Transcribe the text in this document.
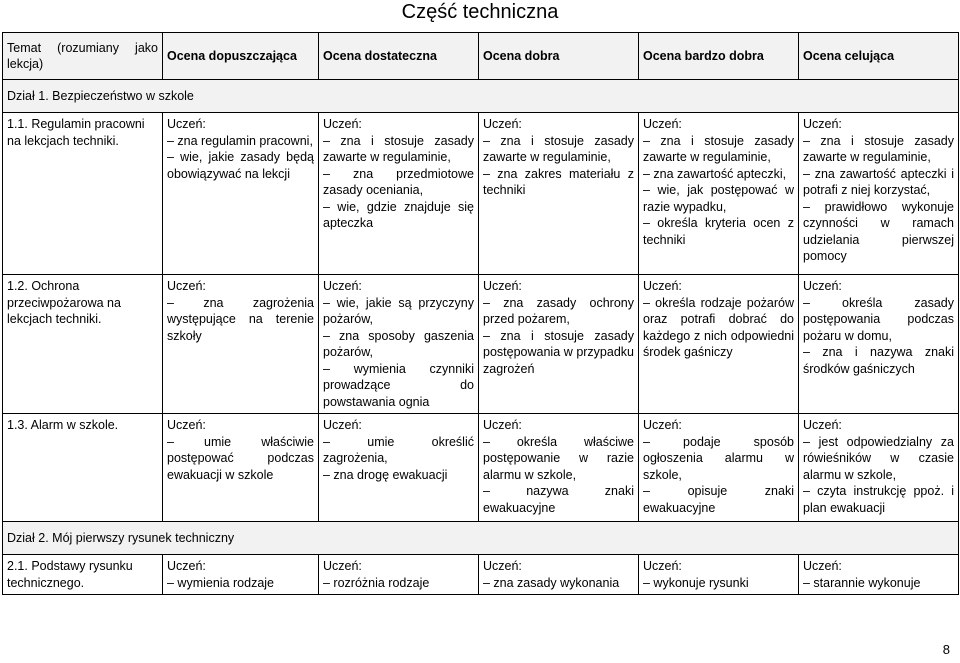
Część techniczna
Temat (rozumiany jako lekcja)	Ocena dopuszczająca	Ocena dostateczna	Ocena dobra	Ocena bardzo dobra	Ocena celująca
Dział 1. Bezpieczeństwo w szkole					
1.1. Regulamin pracowni na lekcjach techniki.	Uczeń:
– zna regulamin pracowni,
– wie, jakie zasady będą obowiązywać na lekcji	Uczeń:
– zna i stosuje zasady zawarte w regulaminie,
– zna przedmiotowe zasady oceniania,
– wie, gdzie znajduje się apteczka	Uczeń:
– zna i stosuje zasady zawarte w regulaminie,
– zna zakres materiału z techniki	Uczeń:
– zna i stosuje zasady zawarte w regulaminie,
– zna zawartość apteczki,
– wie, jak postępować w razie wypadku,
– określa kryteria ocen z techniki	Uczeń:
– zna i stosuje zasady zawarte w regulaminie,
– zna zawartość apteczki i potrafi z niej korzystać,
– prawidłowo wykonuje czynności w ramach udzielania pierwszej pomocy

1.2. Ochrona przeciwpożarowa na lekcjach techniki.	Uczeń:
– zna zagrożenia występujące na terenie szkoły	Uczeń:
– wie, jakie są przyczyny pożarów,
– zna sposoby gaszenia pożarów,
– wymienia czynniki prowadzące do powstawania ognia	Uczeń:
– zna zasady ochrony przed pożarem,
– zna i stosuje zasady postępowania w przypadku zagrożeń	Uczeń:
– określa rodzaje pożarów oraz potrafi dobrać do każdego z nich odpowiedni środek gaśniczy	Uczeń:
– określa zasady postępowania podczas pożaru w domu,
– zna i nazywa znaki środków gaśniczych

1.3. Alarm w szkole.	Uczeń:
– umie właściwie postępować podczas ewakuacji w szkole	Uczeń:
– umie określić zagrożenia,
– zna drogę ewakuacji	Uczeń:
– określa właściwe postępowanie w razie alarmu w szkole,
– nazywa znaki ewakuacyjne	Uczeń:
– podaje sposób ogłoszenia alarmu w szkole,
– opisuje znaki ewakuacyjne	Uczeń:
– jest odpowiedzialny za rówieśników w czasie alarmu w szkole,
– czyta instrukcję ppoż. i plan ewakuacji

Dział 2. Mój pierwszy rysunek techniczny					
2.1. Podstawy rysunku technicznego.	Uczeń:
– wymienia rodzaje	Uczeń:
– rozróżnia rodzaje	Uczeń:
– zna zasady wykonania	Uczeń:
– wykonuje rysunki	Uczeń:
– starannie wykonuje
8
